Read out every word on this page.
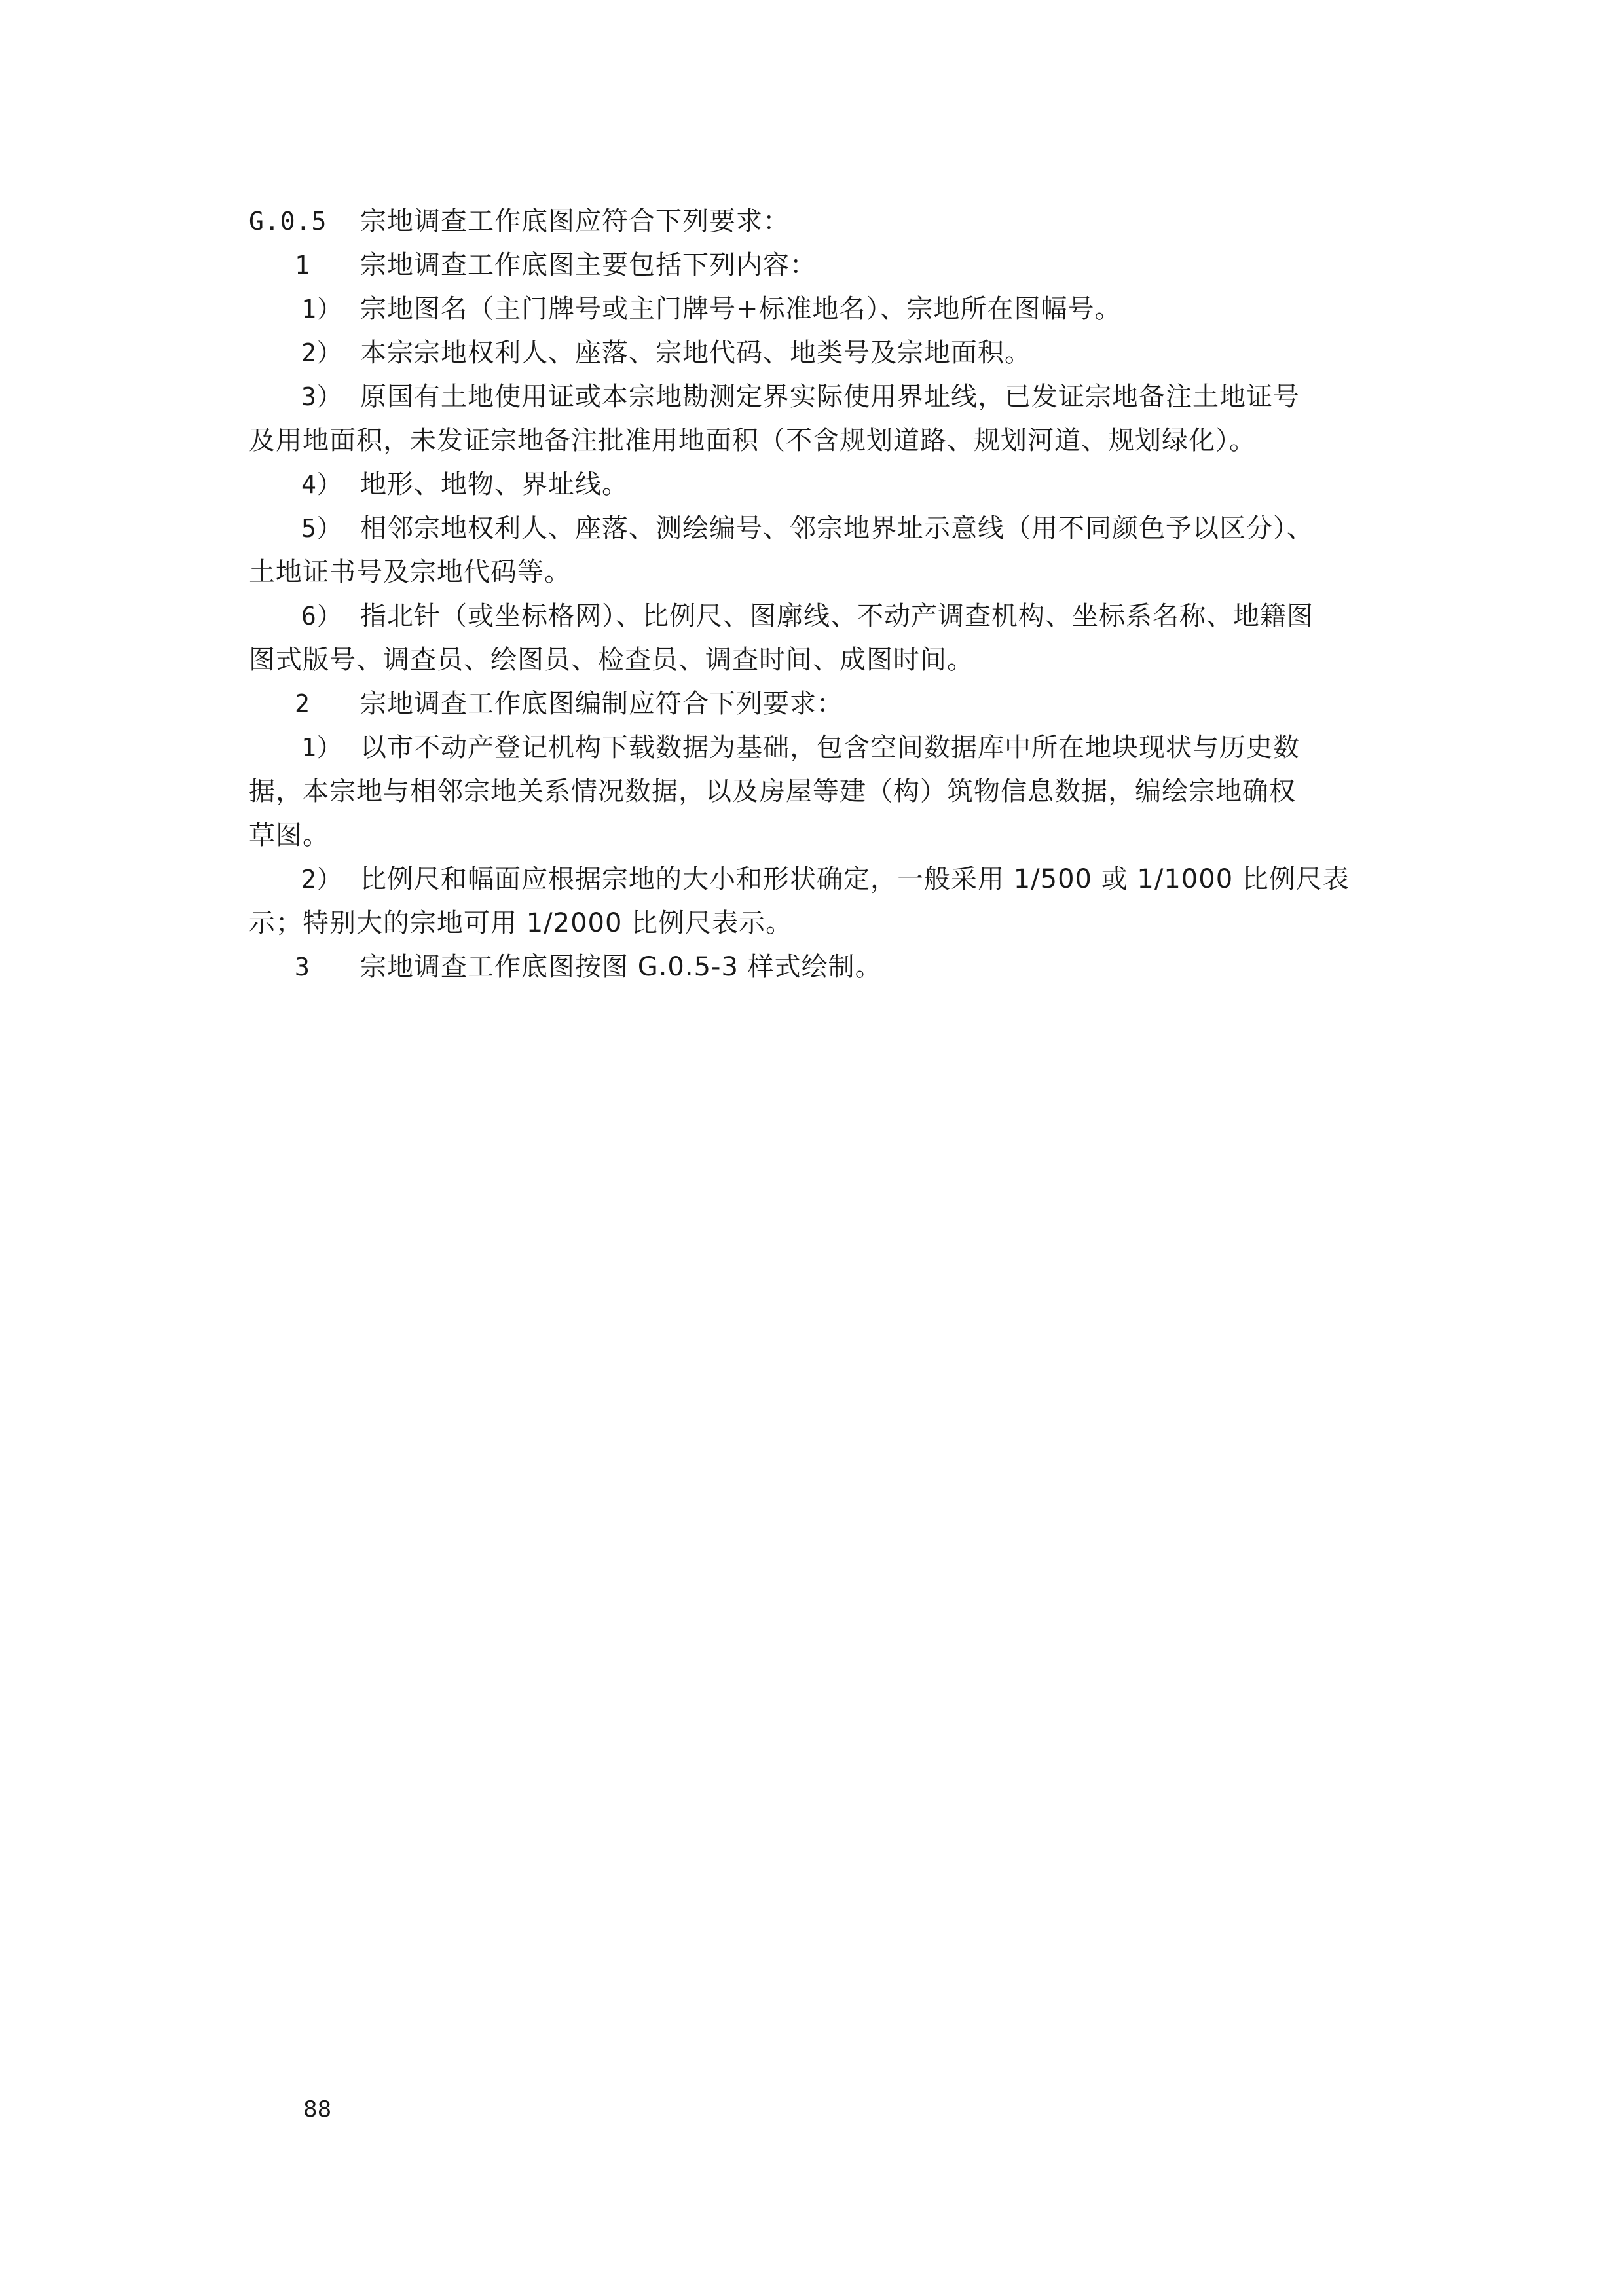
G.0.5 宗地调查工作底图应符合下列要求：
1 宗地调查工作底图主要包括下列内容：
1） 宗地图名（主门牌号或主门牌号+标准地名）、宗地所在图幅号。
2） 本宗宗地权利人、座落、宗地代码、地类号及宗地面积。
3） 原国有土地使用证或本宗地勘测定界实际使用界址线，已发证宗地备注土地证号
及用地面积，未发证宗地备注批准用地面积（不含规划道路、规划河道、规划绿化）。
4） 地形、地物、界址线。
5） 相邻宗地权利人、座落、测绘编号、邻宗地界址示意线（用不同颜色予以区分）、
土地证书号及宗地代码等。
6） 指北针（或坐标格网）、比例尺、图廓线、不动产调查机构、坐标系名称、地籍图
图式版号、调查员、绘图员、检查员、调查时间、成图时间。
2 宗地调查工作底图编制应符合下列要求：
1） 以市不动产登记机构下载数据为基础，包含空间数据库中所在地块现状与历史数
据，本宗地与相邻宗地关系情况数据，以及房屋等建（构）筑物信息数据，编绘宗地确权
草图。
2） 比例尺和幅面应根据宗地的大小和形状确定，一般采用 1/500 或 1/1000 比例尺表
示；特别大的宗地可用 1/2000 比例尺表示。
3 宗地调查工作底图按图 G.0.5-3 样式绘制。
88
